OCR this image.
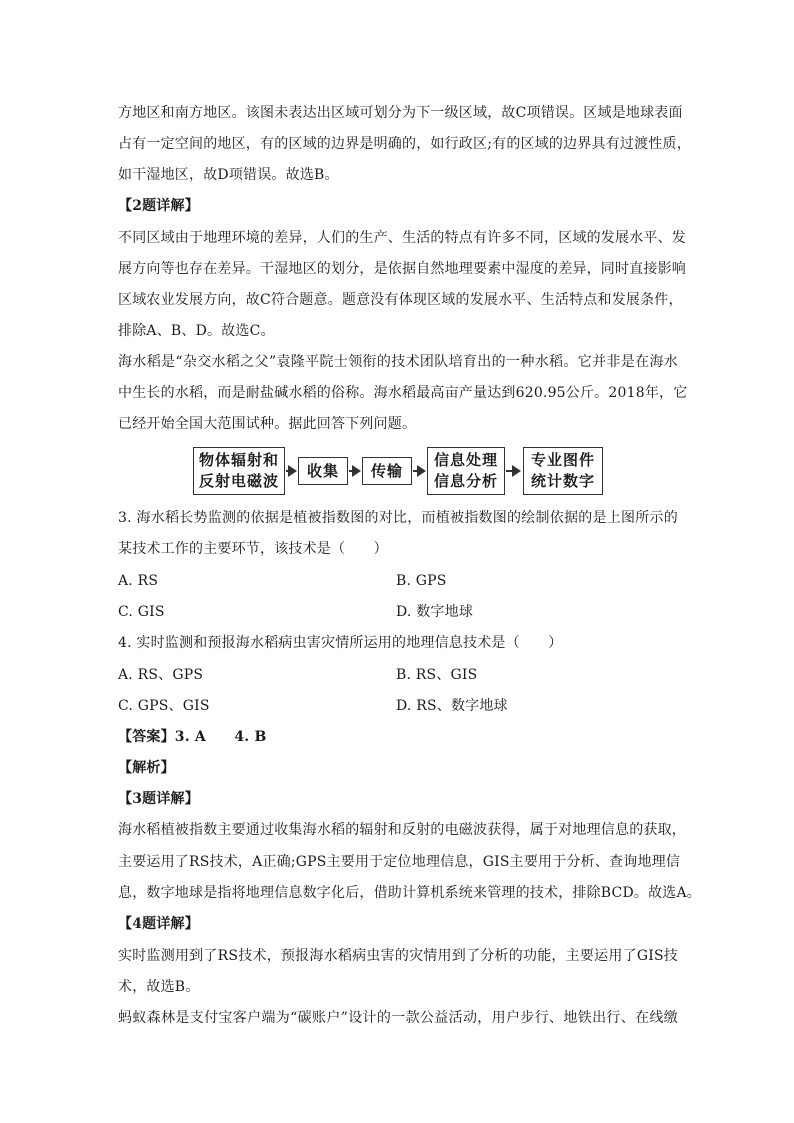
方地区和南方地区。该图未表达出区域可划分为下一级区域，故C项错误。区域是地球表面
占有一定空间的地区，有的区域的边界是明确的，如行政区;有的区域的边界具有过渡性质，
如干湿地区，故D项错误。故选B。
【2题详解】
不同区域由于地理环境的差异，人们的生产、生活的特点有许多不同，区域的发展水平、发
展方向等也存在差异。干湿地区的划分，是依据自然地理要素中湿度的差异，同时直接影响
区域农业发展方向，故C符合题意。题意没有体现区域的发展水平、生活特点和发展条件，
排除A、B、D。故选C。
海水稻是“杂交水稻之父”袁隆平院士领衔的技术团队培育出的一种水稻。它并非是在海水
中生长的水稻，而是耐盐碱水稻的俗称。海水稻最高亩产量达到620.95公斤。2018年，它
已经开始全国大范围试种。据此回答下列问题。
物体辐射和
反射电磁波
收集 传输
信息处理
信息分析
专业图件
统计数字
3. 海水稻长势监测的依据是植被指数图的对比，而植被指数图的绘制依据的是上图所示的
某技术工作的主要环节，该技术是（　　）
A. RS	B. GPS
C. GIS	D. 数字地球
4. 实时监测和预报海水稻病虫害灾情所运用的地理信息技术是（　　）
A. RS、GPS	B. RS、GIS
C. GPS、GIS	D. RS、数字地球
【答案】3. A　　4. B
【解析】
【3题详解】
海水稻植被指数主要通过收集海水稻的辐射和反射的电磁波获得，属于对地理信息的获取，
主要运用了RS技术，A正确;GPS主要用于定位地理信息，GIS主要用于分析、查询地理信
息，数字地球是指将地理信息数字化后，借助计算机系统来管理的技术，排除BCD。故选A。
【4题详解】
实时监测用到了RS技术，预报海水稻病虫害的灾情用到了分析的功能，主要运用了GIS技
术，故选B。
蚂蚁森林是支付宝客户端为“碳账户”设计的一款公益活动，用户步行、地铁出行、在线缴
